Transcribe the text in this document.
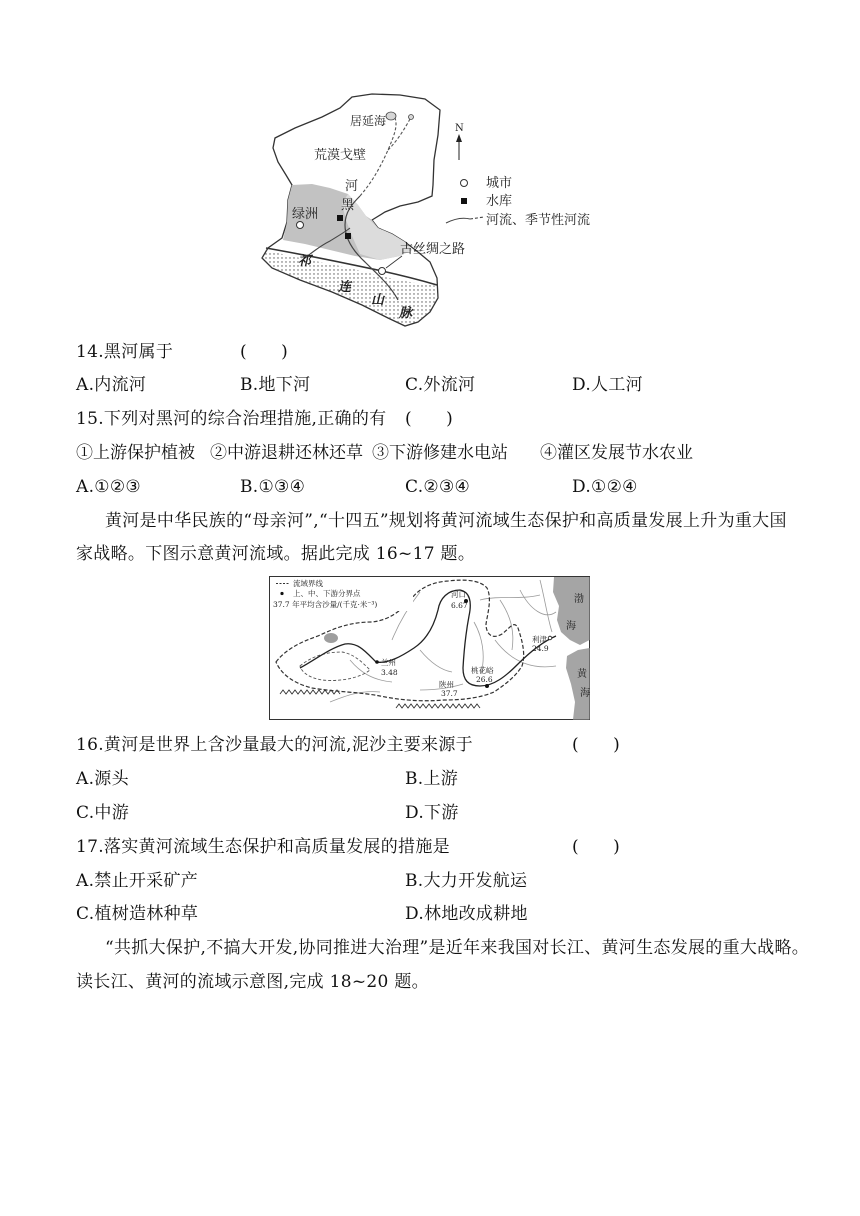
居延海
荒漠戈壁
河
黑
绿洲
古丝绸之路
祁
连
山
脉
N
城市
水库
河流、季节性河流
14.黑河属于	(      )
A.内流河	B.地下河	C.外流河	D.人工河
15.下列对黑河的综合治理措施,正确的有 (      )
①上游保护植被 ②中游退耕还林还草 ③下游修建水电站 ④灌区发展节水农业
A.①②③	B.①③④	C.②③④	D.①②④
黄河是中华民族的“母亲河”,“十四五”规划将黄河流域生态保护和高质量发展上升为重大国
家战略。下图示意黄河流域。据此完成 16~17 题。
流域界线
上、中、下游分界点
37.7 年平均含沙量/(千克·米⁻³)
河口
6.67
兰州
3.48
陕州
37.7
桃花峪
26.6
利津
24.9
渤
海
黄
海
16.黄河是世界上含沙量最大的河流,泥沙主要来源于	(      )
A.源头	B.上游
C.中游	D.下游
17.落实黄河流域生态保护和高质量发展的措施是	(      )
A.禁止开采矿产	B.大力开发航运
C.植树造林种草	D.林地改成耕地
“共抓大保护,不搞大开发,协同推进大治理”是近年来我国对长江、黄河生态发展的重大战略。
读长江、黄河的流域示意图,完成 18~20 题。
